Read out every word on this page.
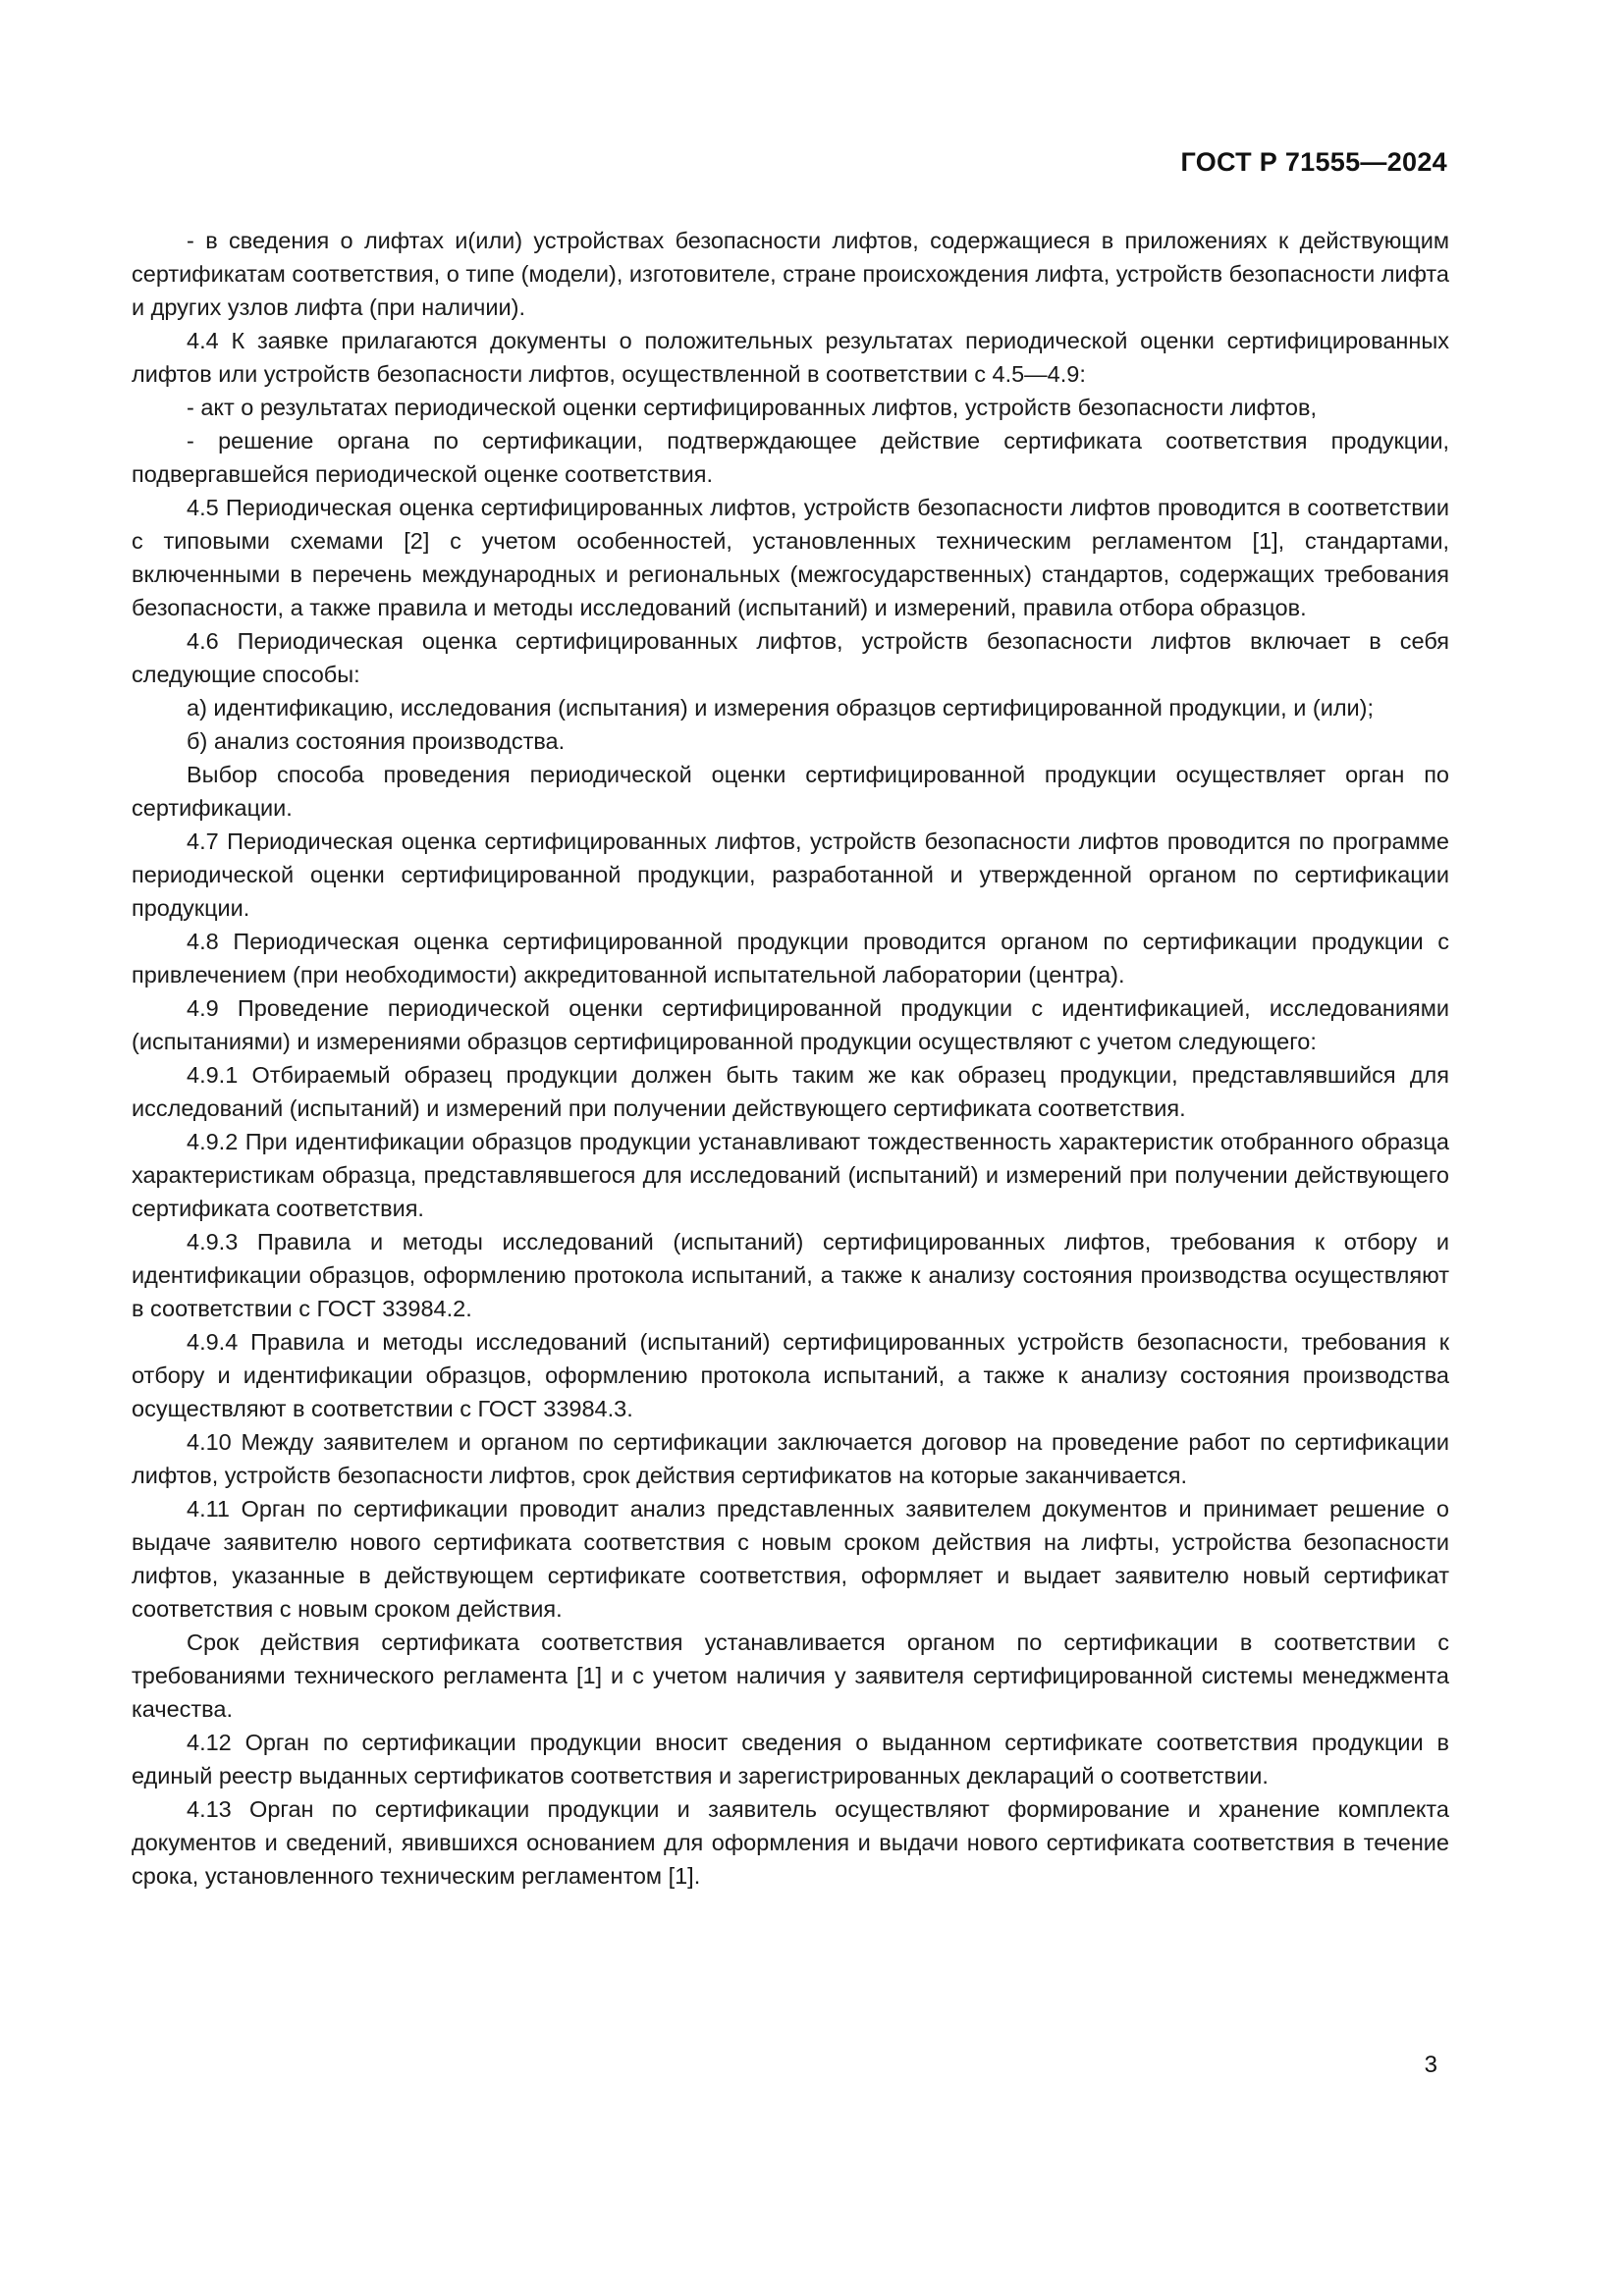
ГОСТ Р 71555—2024

- в сведения о лифтах и(или) устройствах безопасности лифтов, содержащиеся в приложениях к действующим сертификатам соответствия, о типе (модели), изготовителе, стране происхождения лифта, устройств безопасности лифта и других узлов лифта (при наличии).

4.4 К заявке прилагаются документы о положительных результатах периодической оценки сертифицированных лифтов или устройств безопасности лифтов, осуществленной в соответствии с 4.5—4.9:

- акт о результатах периодической оценки сертифицированных лифтов, устройств безопасности лифтов,

- решение органа по сертификации, подтверждающее действие сертификата соответствия продукции, подвергавшейся периодической оценке соответствия.

4.5 Периодическая оценка сертифицированных лифтов, устройств безопасности лифтов проводится в соответствии с типовыми схемами [2] с учетом особенностей, установленных техническим регламентом [1], стандартами, включенными в перечень международных и региональных (межгосударственных) стандартов, содержащих требования безопасности, а также правила и методы исследований (испытаний) и измерений, правила отбора образцов.

4.6 Периодическая оценка сертифицированных лифтов, устройств безопасности лифтов включает в себя следующие способы:

а) идентификацию, исследования (испытания) и измерения образцов сертифицированной продукции, и (или);

б) анализ состояния производства.

Выбор способа проведения периодической оценки сертифицированной продукции осуществляет орган по сертификации.

4.7 Периодическая оценка сертифицированных лифтов, устройств безопасности лифтов проводится по программе периодической оценки сертифицированной продукции, разработанной и утвержденной органом по сертификации продукции.

4.8 Периодическая оценка сертифицированной продукции проводится органом по сертификации продукции с привлечением (при необходимости) аккредитованной испытательной лаборатории (центра).

4.9 Проведение периодической оценки сертифицированной продукции с идентификацией, исследованиями (испытаниями) и измерениями образцов сертифицированной продукции осуществляют с учетом следующего:

4.9.1 Отбираемый образец продукции должен быть таким же как образец продукции, представлявшийся для исследований (испытаний) и измерений при получении действующего сертификата соответствия.

4.9.2 При идентификации образцов продукции устанавливают тождественность характеристик отобранного образца характеристикам образца, представлявшегося для исследований (испытаний) и измерений при получении действующего сертификата соответствия.

4.9.3 Правила и методы исследований (испытаний) сертифицированных лифтов, требования к отбору и идентификации образцов, оформлению протокола испытаний, а также к анализу состояния производства осуществляют в соответствии с ГОСТ 33984.2.

4.9.4 Правила и методы исследований (испытаний) сертифицированных устройств безопасности, требования к отбору и идентификации образцов, оформлению протокола испытаний, а также к анализу состояния производства осуществляют в соответствии с ГОСТ 33984.3.

4.10 Между заявителем и органом по сертификации заключается договор на проведение работ по сертификации лифтов, устройств безопасности лифтов, срок действия сертификатов на которые заканчивается.

4.11 Орган по сертификации проводит анализ представленных заявителем документов и принимает решение о выдаче заявителю нового сертификата соответствия с новым сроком действия на лифты, устройства безопасности лифтов, указанные в действующем сертификате соответствия, оформляет и выдает заявителю новый сертификат соответствия с новым сроком действия.

Срок действия сертификата соответствия устанавливается органом по сертификации в соответствии с требованиями технического регламента [1] и с учетом наличия у заявителя сертифицированной системы менеджмента качества.

4.12 Орган по сертификации продукции вносит сведения о выданном сертификате соответствия продукции в единый реестр выданных сертификатов соответствия и зарегистрированных деклараций о соответствии.

4.13 Орган по сертификации продукции и заявитель осуществляют формирование и хранение комплекта документов и сведений, явившихся основанием для оформления и выдачи нового сертификата соответствия в течение срока, установленного техническим регламентом [1].

3
